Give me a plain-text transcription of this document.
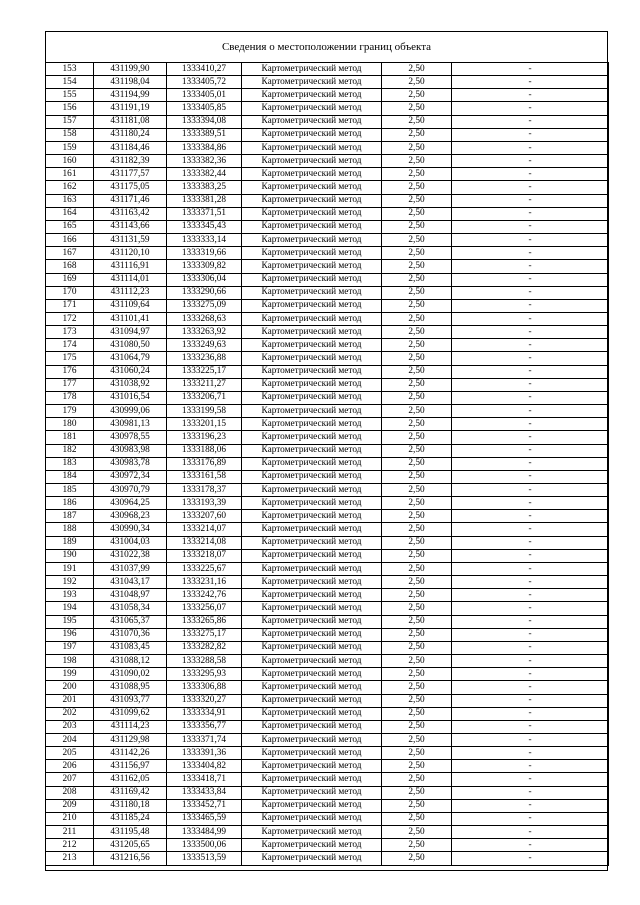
Сведения о местоположении границ объекта
153	431199,90	1333410,27	Картометрический метод	2,50	-
154	431198,04	1333405,72	Картометрический метод	2,50	-
155	431194,99	1333405,01	Картометрический метод	2,50	-
156	431191,19	1333405,85	Картометрический метод	2,50	-
157	431181,08	1333394,08	Картометрический метод	2,50	-
158	431180,24	1333389,51	Картометрический метод	2,50	-
159	431184,46	1333384,86	Картометрический метод	2,50	-
160	431182,39	1333382,36	Картометрический метод	2,50	-
161	431177,57	1333382,44	Картометрический метод	2,50	-
162	431175,05	1333383,25	Картометрический метод	2,50	-
163	431171,46	1333381,28	Картометрический метод	2,50	-
164	431163,42	1333371,51	Картометрический метод	2,50	-
165	431143,66	1333345,43	Картометрический метод	2,50	-
166	431131,59	1333333,14	Картометрический метод	2,50	-
167	431120,10	1333319,66	Картометрический метод	2,50	-
168	431116,91	1333309,82	Картометрический метод	2,50	-
169	431114,01	1333306,04	Картометрический метод	2,50	-
170	431112,23	1333290,66	Картометрический метод	2,50	-
171	431109,64	1333275,09	Картометрический метод	2,50	-
172	431101,41	1333268,63	Картометрический метод	2,50	-
173	431094,97	1333263,92	Картометрический метод	2,50	-
174	431080,50	1333249,63	Картометрический метод	2,50	-
175	431064,79	1333236,88	Картометрический метод	2,50	-
176	431060,24	1333225,17	Картометрический метод	2,50	-
177	431038,92	1333211,27	Картометрический метод	2,50	-
178	431016,54	1333206,71	Картометрический метод	2,50	-
179	430999,06	1333199,58	Картометрический метод	2,50	-
180	430981,13	1333201,15	Картометрический метод	2,50	-
181	430978,55	1333196,23	Картометрический метод	2,50	-
182	430983,98	1333188,06	Картометрический метод	2,50	-
183	430983,78	1333176,89	Картометрический метод	2,50	-
184	430972,34	1333161,58	Картометрический метод	2,50	-
185	430970,79	1333178,37	Картометрический метод	2,50	-
186	430964,25	1333193,39	Картометрический метод	2,50	-
187	430968,23	1333207,60	Картометрический метод	2,50	-
188	430990,34	1333214,07	Картометрический метод	2,50	-
189	431004,03	1333214,08	Картометрический метод	2,50	-
190	431022,38	1333218,07	Картометрический метод	2,50	-
191	431037,99	1333225,67	Картометрический метод	2,50	-
192	431043,17	1333231,16	Картометрический метод	2,50	-
193	431048,97	1333242,76	Картометрический метод	2,50	-
194	431058,34	1333256,07	Картометрический метод	2,50	-
195	431065,37	1333265,86	Картометрический метод	2,50	-
196	431070,36	1333275,17	Картометрический метод	2,50	-
197	431083,45	1333282,82	Картометрический метод	2,50	-
198	431088,12	1333288,58	Картометрический метод	2,50	-
199	431090,02	1333295,93	Картометрический метод	2,50	-
200	431088,95	1333306,88	Картометрический метод	2,50	-
201	431093,77	1333320,27	Картометрический метод	2,50	-
202	431099,62	1333334,91	Картометрический метод	2,50	-
203	431114,23	1333356,77	Картометрический метод	2,50	-
204	431129,98	1333371,74	Картометрический метод	2,50	-
205	431142,26	1333391,36	Картометрический метод	2,50	-
206	431156,97	1333404,82	Картометрический метод	2,50	-
207	431162,05	1333418,71	Картометрический метод	2,50	-
208	431169,42	1333433,84	Картометрический метод	2,50	-
209	431180,18	1333452,71	Картометрический метод	2,50	-
210	431185,24	1333465,59	Картометрический метод	2,50	-
211	431195,48	1333484,99	Картометрический метод	2,50	-
212	431205,65	1333500,06	Картометрический метод	2,50	-
213	431216,56	1333513,59	Картометрический метод	2,50	-
